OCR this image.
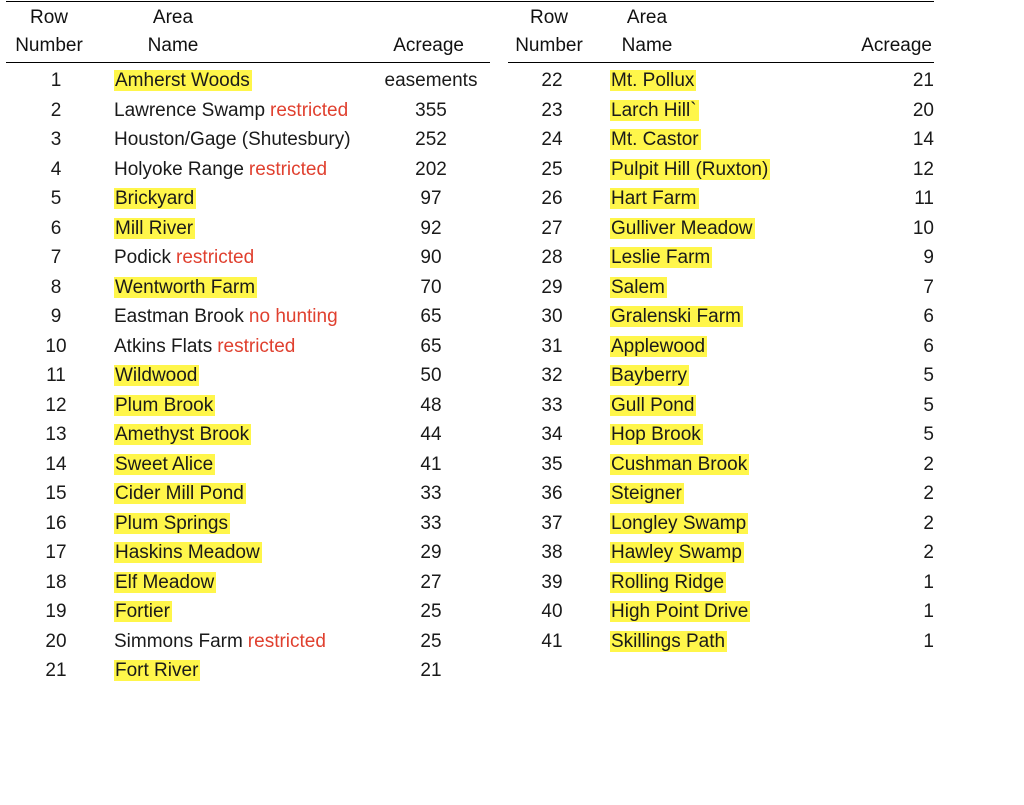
Row
Number
Area
Name	Acreage
Row
Number
Area
Name	Acreage
1	Amherst Woods	easements
2	Lawrence Swamp restricted	355
3	Houston/Gage (Shutesbury)	252
4	Holyoke Range restricted	202
5	Brickyard	97
6	Mill River	92
7	Podick restricted	90
8	Wentworth Farm	70
9	Eastman Brook no hunting	65
10	Atkins Flats restricted	65
11	Wildwood	50
12	Plum Brook	48
13	Amethyst Brook	44
14	Sweet Alice	41
15	Cider Mill Pond	33
16	Plum Springs	33
17	Haskins Meadow	29
18	Elf Meadow	27
19	Fortier	25
20	Simmons Farm restricted	25
21	Fort River	21
22	Mt. Pollux	21
23	Larch Hill`	20
24	Mt. Castor	14
25	Pulpit Hill (Ruxton)	12
26	Hart Farm	11
27	Gulliver Meadow	10
28	Leslie Farm	9
29	Salem	7
30	Gralenski Farm	6
31	Applewood	6
32	Bayberry	5
33	Gull Pond	5
34	Hop Brook	5
35	Cushman Brook	2
36	Steigner	2
37	Longley Swamp	2
38	Hawley Swamp	2
39	Rolling Ridge	1
40	High Point Drive	1
41	Skillings Path	1
